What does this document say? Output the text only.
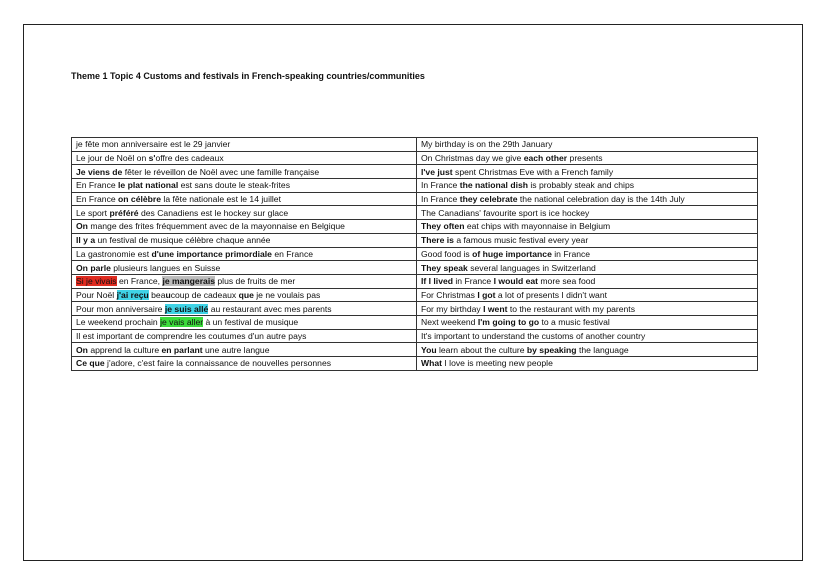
Theme 1 Topic 4 Customs and festivals in French-speaking countries/communities
je fête mon anniversaire est le 29 janvier	My birthday is on the 29th January
Le jour de Noël on s'offre des cadeaux	On Christmas day we give each other presents
Je viens de fêter le réveillon de Noël avec une famille française	I've just spent Christmas Eve with a French family
En France le plat national est sans doute le steak-frites	In France the national dish is probably steak and chips
En France on célèbre la fête nationale est le 14 juillet	In France they celebrate the national celebration day is the 14th July
Le sport préféré des Canadiens est le hockey sur glace	The Canadians' favourite sport is ice hockey
On mange des frites fréquemment avec de la mayonnaise en Belgique	They often eat chips with mayonnaise in Belgium
Il y a un festival de musique célèbre chaque année	There is a famous music festival every year
La gastronomie est d'une importance primordiale en France	Good food is of huge importance in France
On parle plusieurs langues en Suisse	They speak several languages in Switzerland
Si je vivais en France, je mangerais plus de fruits de mer	If I lived in France I would eat more sea food
Pour Noël j'ai reçu beaucoup de cadeaux que je ne voulais pas	For Christmas I got a lot of presents I didn't want
Pour mon anniversaire je suis allé au restaurant avec mes parents	For my birthday I went to the restaurant with my parents
Le weekend prochain je vais aller à un festival de musique	Next weekend I'm going to go to a music festival
Il est important de comprendre les coutumes d'un autre pays	It's important to understand the customs of another country
On apprend la culture en parlant une autre langue	You learn about the culture by speaking the language
Ce que j'adore, c'est faire la connaissance de nouvelles personnes	What I love is meeting new people
